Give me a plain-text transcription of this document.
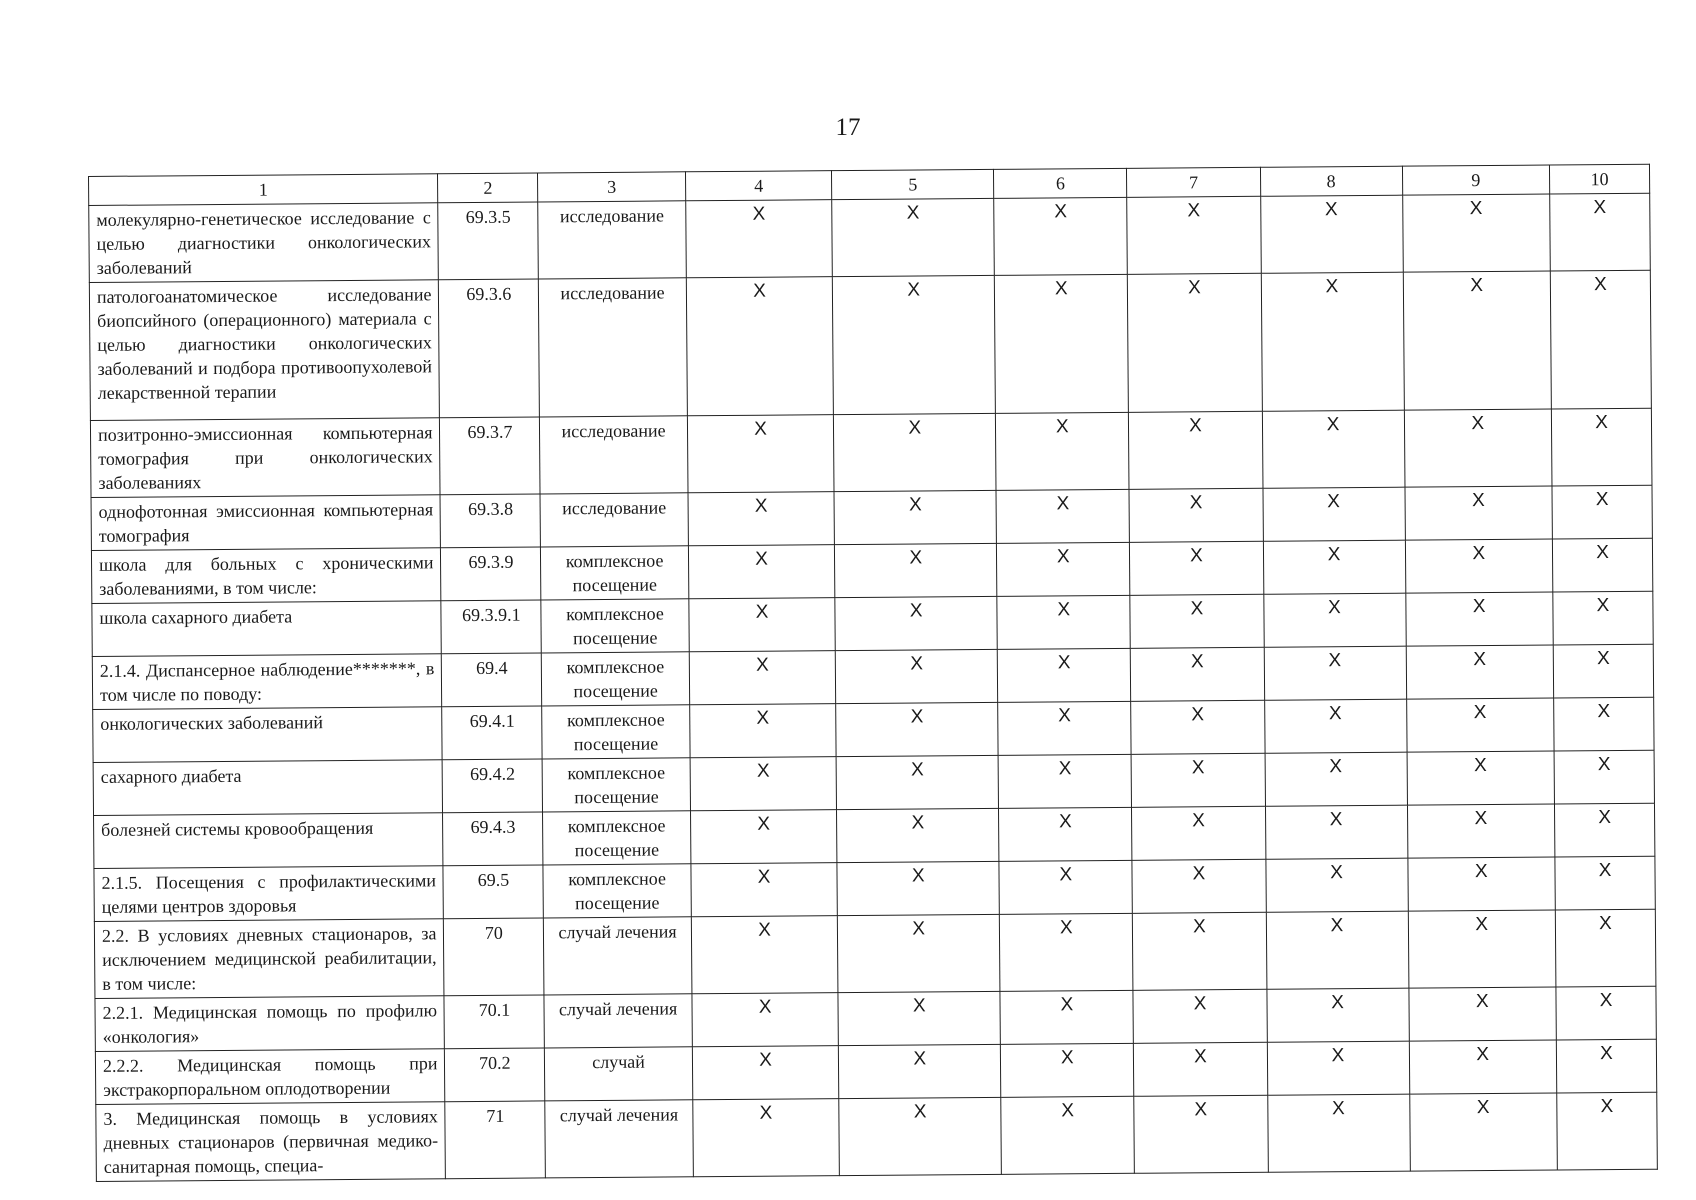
17
1	2	3	4	5	6	7	8	9	10
молекулярно-генетическое исследование с целью диагностики онкологических заболеваний	69.3.5	исследование	X	X	X	X	X	X	X
патологоанатомическое исследование биопсийного (операционного) материала с целью диагностики онкологических заболеваний и подбора противоопухолевой лекарственной терапии	69.3.6	исследование	X	X	X	X	X	X	X
позитронно-эмиссионная компьютерная томография при онкологических заболеваниях	69.3.7	исследование	X	X	X	X	X	X	X
однофотонная эмиссионная компьютерная томография	69.3.8	исследование	X	X	X	X	X	X	X
школа для больных с хроническими заболеваниями, в том числе:	69.3.9	комплексное посещение	X	X	X	X	X	X	X
школа сахарного диабета	69.3.9.1	комплексное посещение	X	X	X	X	X	X	X
2.1.4. Диспансерное наблюдение*******, в том числе по поводу:	69.4	комплексное посещение	X	X	X	X	X	X	X
онкологических заболеваний	69.4.1	комплексное посещение	X	X	X	X	X	X	X
сахарного диабета	69.4.2	комплексное посещение	X	X	X	X	X	X	X
болезней системы кровообращения	69.4.3	комплексное посещение	X	X	X	X	X	X	X
2.1.5. Посещения с профилактическими целями центров здоровья	69.5	комплексное посещение	X	X	X	X	X	X	X
2.2. В условиях дневных стационаров, за исключением медицинской реабилитации, в том числе:	70	случай лечения	X	X	X	X	X	X	X
2.2.1. Медицинская помощь по профилю «онкология»	70.1	случай лечения	X	X	X	X	X	X	X
2.2.2. Медицинская помощь при экстракорпоральном оплодотворении	70.2	случай	X	X	X	X	X	X	X
3. Медицинская помощь в условиях дневных стационаров (первичная медико-санитарная помощь, специа-	71	случай лечения	X	X	X	X	X	X	X
